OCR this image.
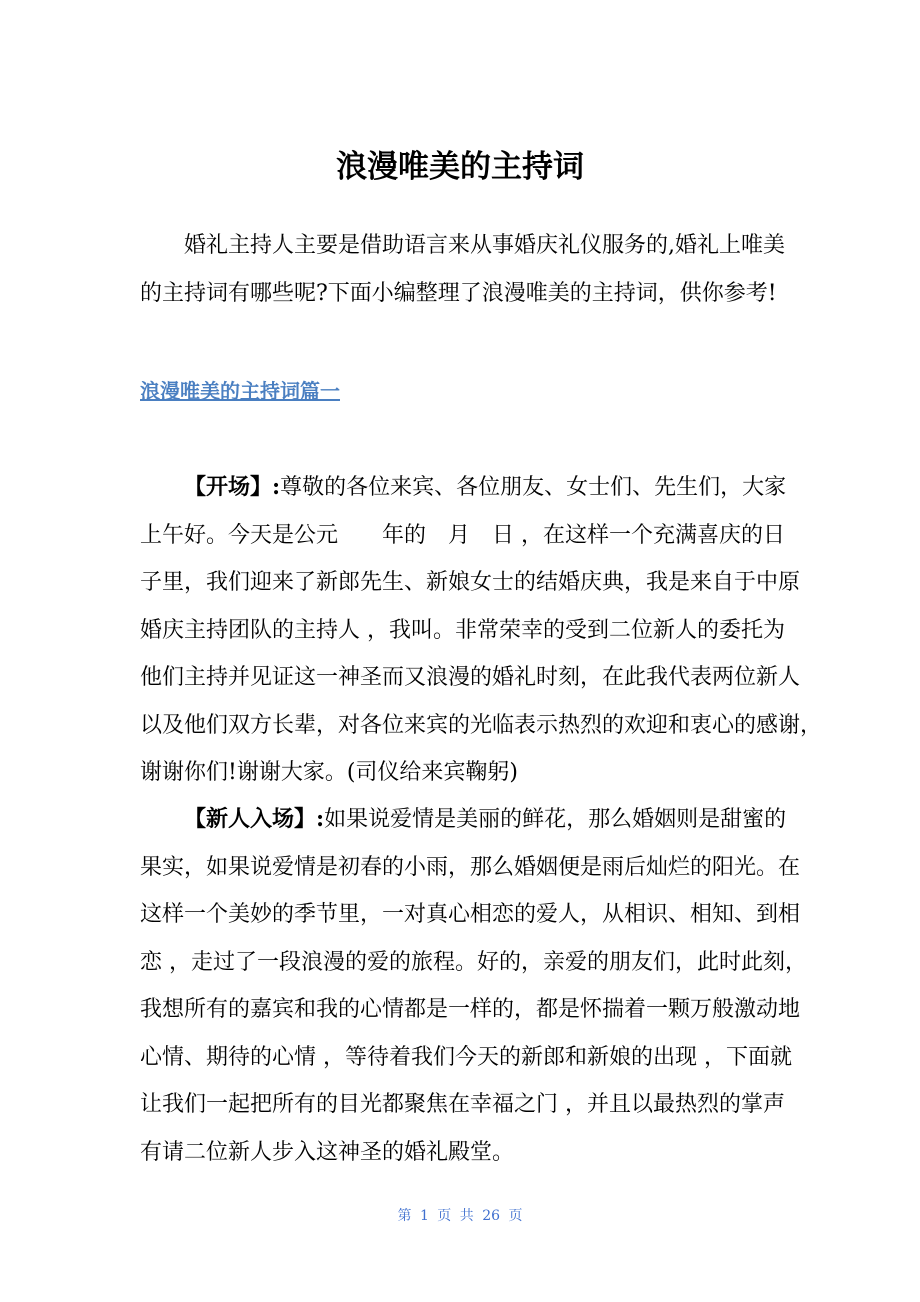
浪漫唯美的主持词
婚礼主持人主要是借助语言来从事婚庆礼仪服务的,婚礼上唯美
的主持词有哪些呢?下面小编整理了浪漫唯美的主持词，供你参考!
浪漫唯美的主持词篇一
【开场】:尊敬的各位来宾、各位朋友、女士们、先生们，大家
上午好。今天是公元　　年的　月　日 ，在这样一个充满喜庆的日
子里，我们迎来了新郎先生、新娘女士的结婚庆典，我是来自于中原
婚庆主持团队的主持人 ，我叫。非常荣幸的受到二位新人的委托为
他们主持并见证这一神圣而又浪漫的婚礼时刻，在此我代表两位新人
以及他们双方长辈，对各位来宾的光临表示热烈的欢迎和衷心的感谢，
谢谢你们!谢谢大家。(司仪给来宾鞠躬)
【新人入场】:如果说爱情是美丽的鲜花，那么婚姻则是甜蜜的
果实，如果说爱情是初春的小雨，那么婚姻便是雨后灿烂的阳光。在
这样一个美妙的季节里，一对真心相恋的爱人，从相识、相知、到相
恋 ，走过了一段浪漫的爱的旅程。好的，亲爱的朋友们，此时此刻，
我想所有的嘉宾和我的心情都是一样的，都是怀揣着一颗万般激动地
心情、期待的心情 ，等待着我们今天的新郎和新娘的出现 ，下面就
让我们一起把所有的目光都聚焦在幸福之门 ，并且以最热烈的掌声
有请二位新人步入这神圣的婚礼殿堂。
第 1 页 共 26 页
